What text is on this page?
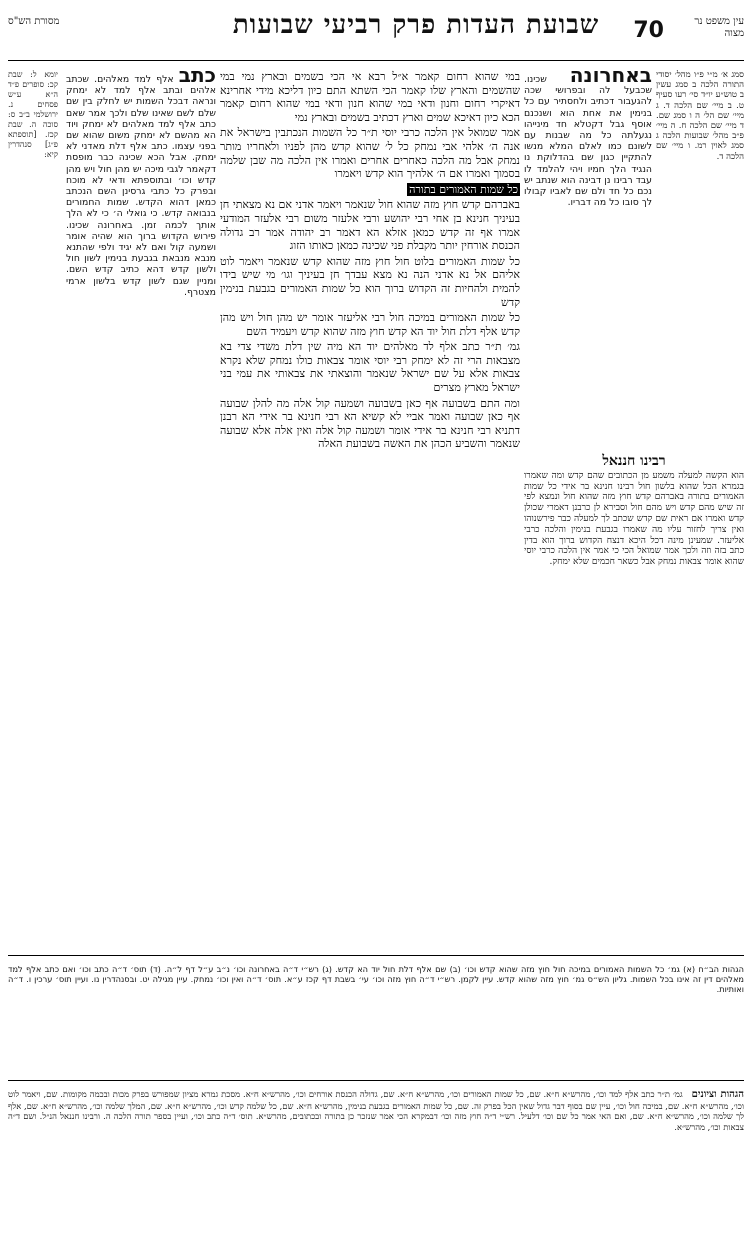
עין משפט נר מצוה
70
שבועת העדות פרק רביעי שבועות
מסורת הש"ס

סמג א׳ מ״י פ״ו מהל׳ יסודי התורה הלכה ב סמג עשין ב טוש״ע יו״ד סי׳ רעו סעיף ט. ב מיי׳ שם הלכה ד. ג מיי׳ שם הל׳ ה ו סמג שם. ד מיי׳ שם הלכה ח. ה מיי׳ פ״ב מהל׳ שבועות הלכה ג סמג לאוין רמ. ו מיי׳ שם הלכה ד.

באחרונה שכינו. שכבעל לה ובפרושי שכה להגעבור דכתיב ולחסתיר עם כל בנימין את אחת הוא ושנכנם אוסף גבל דקטלא חד מינייהו נגעלתה כל מה שבנות עם לשונם כמו לאלם המלא מנשו להתקיין כגון שם בהדלוקת נו הנגיד הלך חמיו ויהי להלמד לו עבד רבינו נן דבינה הוא שנתב יש נכם כל חד ולם שם לאביו קבולו לך סובו כל מה דבריו.

במי שהוא רחום קאמר א״ל רבא אי הכי בשמים ובארץ נמי במי שהשמים והארץ שלו קאמר הכי השתא התם כיון דליכא מידי אחרינא דאיקרי רחום וחנון ודאי במי שהוא חנון ודאי במי שהוא רחום קאמר הכא כיון דאיכא שמים וארץ דכתיב בשמים ובארץ נמי

אמר שמואל אין הלכה כרבי יוסי ת״ר כל השמות הנכתבין בישראל את אנה ה׳ אלהי אבי נמחק כל ל׳ שהוא קדש מהן לפניו ולאחריו מותר נמחק אבל מה הלכה כאחרים אחרים ואמרו אין הלכה מה שבן שלמה בסמוך ואמרו אם ה׳ אלהיך הוא קדש ויאמרו

כל שמות האמורים בתורה

באברהם קדש חוץ מזה שהוא חול שנאמר ויאמר אדני אם נא מצאתי חן בעיניך חנינא בן אחי רבי יהושע ורבי אלעזר משום רבי אלעזר המודעי אמרו אף זה קדש כמאן אזלא הא דאמר רב יהודה אמר רב גדולה הכנסת אורחין יותר מקבלת פני שכינה כמאן כאותו הזוג

כל שמות האמורים בלוט חול חוץ מזה שהוא קדש שנאמר ויאמר לוט אליהם אל נא אדני הנה נא מצא עבדך חן בעיניך וגו׳ מי שיש בידו להמית ולהחיות זה הקדוש ברוך הוא כל שמות האמורים בגבעת בנימין קדש

כל שמות האמורים במיכה חול רבי אליעזר אומר יש מהן חול ויש מהן קדש אלף דלת חול יוד הא קדש חוץ מזה שהוא קדש ויעמיד השם

גמ׳ ת״ר כתב אלף לד מאלהים יוד הא מיה שין דלת משדי צדי בא מצבאות הרי זה לא ימחק רבי יוסי אומר צבאות כולו נמחק שלא נקרא צבאות אלא על שם ישראל שנאמר והוצאתי את צבאותי את עמי בני ישראל מארץ מצרים

ומה התם בשבועה אף כאן בשבועה ושמעה קול אלה מה להלן שבועה אף כאן שבועה ואמר אביי לא קשיא הא רבי חנינא בר אידי הא רבנן דתניא רבי חנינא בר אידי אומר ושמעה קול אלה ואין אלה אלא שבועה שנאמר והשביע הכהן את האשה בשבועת האלה

כתב אלף למד מאלהים. שכתב אלהים ובתב אלף למד לא ימחק ונראה דבכל השמות יש לחלק בין שם שלם לשם שאינו שלם ולכך אמר שאם כתב אלף למד מאלהים לא ימחק ויוד הא מהשם לא ימחק משום שהוא שם בפני עצמו. כתב אלף דלת מאדני לא ימחק. אבל הכא שכינה כבר מופסת דקאמר לגבי מיכה יש מהן חול ויש מהן קדש וכו׳ ובתוספתא ודאי לא מוכח ובפרק כל כתבי גרסינן השם הנכתב כמאן דהוא הקדש. שמות החמורים בנבואה קדש. כי גואלי ה׳ כי לא הלך אותך לכמה זמן. באחרונה שכינו. פירוש הקדוש ברוך הוא שהיה אומר ושמעה קול ואם לא יגיד ולפי שהתנא מנבא מנבאת בגבעת בנימין לשון חול ולשון קדש דהא כתיב קדש השם. ומניין שגם לשון קדש בלשון ארמי מצטרף.

רבינו חננאל

הוא הקשה למעלה משמע מן הכתובים שהם קדש ומה שאמרו בגמרא הכל שהוא בלשון חול רבינו חנינא בר אידי כל שמות האמורים בתורה באברהם קדש חוץ מזה שהוא חול ונמצא לפי זה שיש מהם קדש ויש מהם חול וסבירא לן כרבנן דאמרי שכולן קדש ואמרו אם ראית שם קדש שכתב לך למעלה כבר פירשנוהו ואין צריך לחזור עליו מה שאמרו בגבעת בנימין והלכה כרבי אליעזר. שמעינן מינה דכל היכא דנצח הקדוש ברוך הוא בדין כתב בזה וזה ולכך אמר שמואל הכי כי אמר אין הלכה כרבי יוסי שהוא אומר צבאות נמחק אבל כשאר חכמים שלא ימחק.

יומא ל: שבת קכ: סופרים פ״ד ה״א ע״ש פסחים נ. ירושלמי ב״ב ס: סוכה ה. שבת קכז. [תוספתא פ״ג] סנהדרין קיא:

הגהות הב״ח (א) גמ׳ כל השמות האמורים במיכה חול חוץ מזה שהוא קדש וכו׳ (ב) שם אלף דלת חול יוד הא קדש. (ג) רש״י ד״ה באחרונה וכו׳ נ״ב ע״ל דף ל״ה. (ד) תוס׳ ד״ה כתב וכו׳ ואם כתב אלף למד מאלהים דין זה אינו בכל השמות. גליון הש״ס גמ׳ חוץ מזה שהוא קדש. עיין לקמן. רש״י ד״ה חוץ מזה וכו׳ עי׳ בשבת דף קכז ע״א. תוס׳ ד״ה ואין וכו׳ נמחק. עיין מגילה יט. ובסנהדרין נו. ועיין תוס׳ ערכין ו. ד״ה ואותיות.

הגהות וציונים גמ׳ ת״ר כתב אלף למד וכו׳, מהרש״א ח״א. שם, כל שמות האמורים וכו׳, מהרש״א ח״א. שם, גדולה הכנסת אורחים וכו׳, מהרש״א ח״א. מסכת גמרא מציון שמפורש בפרק מכות ובכמה מקומות. שם, ויאמר לוט וכו׳, מהרש״א ח״א. שם, במיכה חול וכו׳, עיין שם בסוף דבר גדול שאין הכל בפרק זה. שם, כל שמות האמורים בגבעת בנימין, מהרש״א ח״א. שם, כל שלמה קדש וכו׳, מהרש״א ח״א. שם, המלך שלמה וכו׳, מהרש״א ח״א. שם, אלף לך שלמה וכו׳, מהרש״א ח״א. שם, ואם האי אמר כל שם וכו׳ דלעיל. רש״י ד״ה חוץ מזה וכו׳ דבמקרא הכי אמר שנזכר כן בתורה ובכתובים, מהרש״א. תוס׳ ד״ה כתב וכו׳, ועיין בספר תורה הלכה ה. ורבינו חננאל הנ״ל. ושם ד״ה צבאות וכו׳, מהרש״א.
